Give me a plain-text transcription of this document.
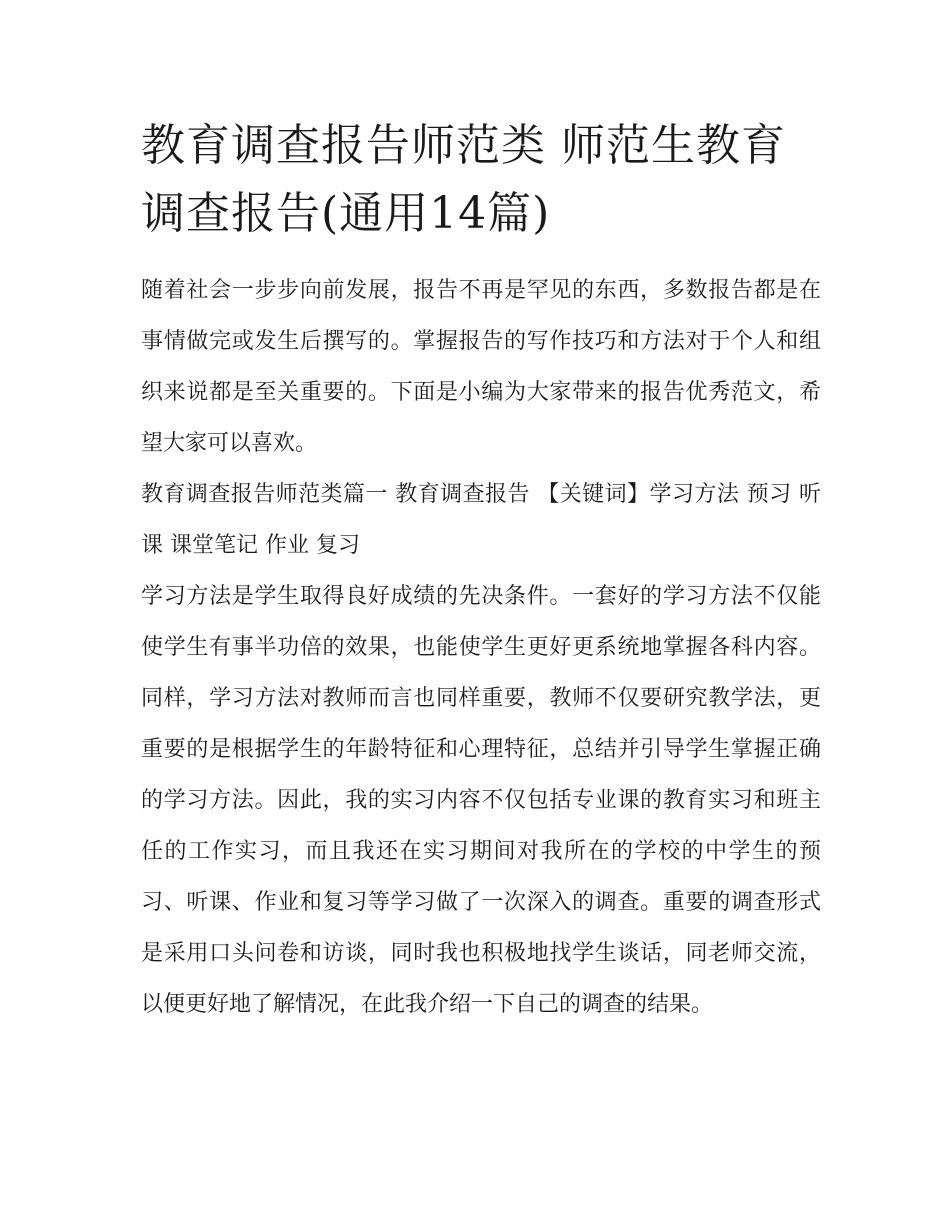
教育调查报告师范类 师范生教育调查报告(通用14篇)

随着社会一步步向前发展，报告不再是罕见的东西，多数报告都是在事情做完或发生后撰写的。掌握报告的写作技巧和方法对于个人和组织来说都是至关重要的。下面是小编为大家带来的报告优秀范文，希望大家可以喜欢。

教育调查报告师范类篇一 教育调查报告 【关键词】学习方法 预习 听课 课堂笔记 作业 复习

学习方法是学生取得良好成绩的先决条件。一套好的学习方法不仅能使学生有事半功倍的效果，也能使学生更好更系统地掌握各科内容。同样，学习方法对教师而言也同样重要，教师不仅要研究教学法，更重要的是根据学生的年龄特征和心理特征，总结并引导学生掌握正确的学习方法。因此，我的实习内容不仅包括专业课的教育实习和班主任的工作实习，而且我还在实习期间对我所在的学校的中学生的预习、听课、作业和复习等学习做了一次深入的调查。重要的调查形式是采用口头问卷和访谈，同时我也积极地找学生谈话，同老师交流，以便更好地了解情况，在此我介绍一下自己的调查的结果。
